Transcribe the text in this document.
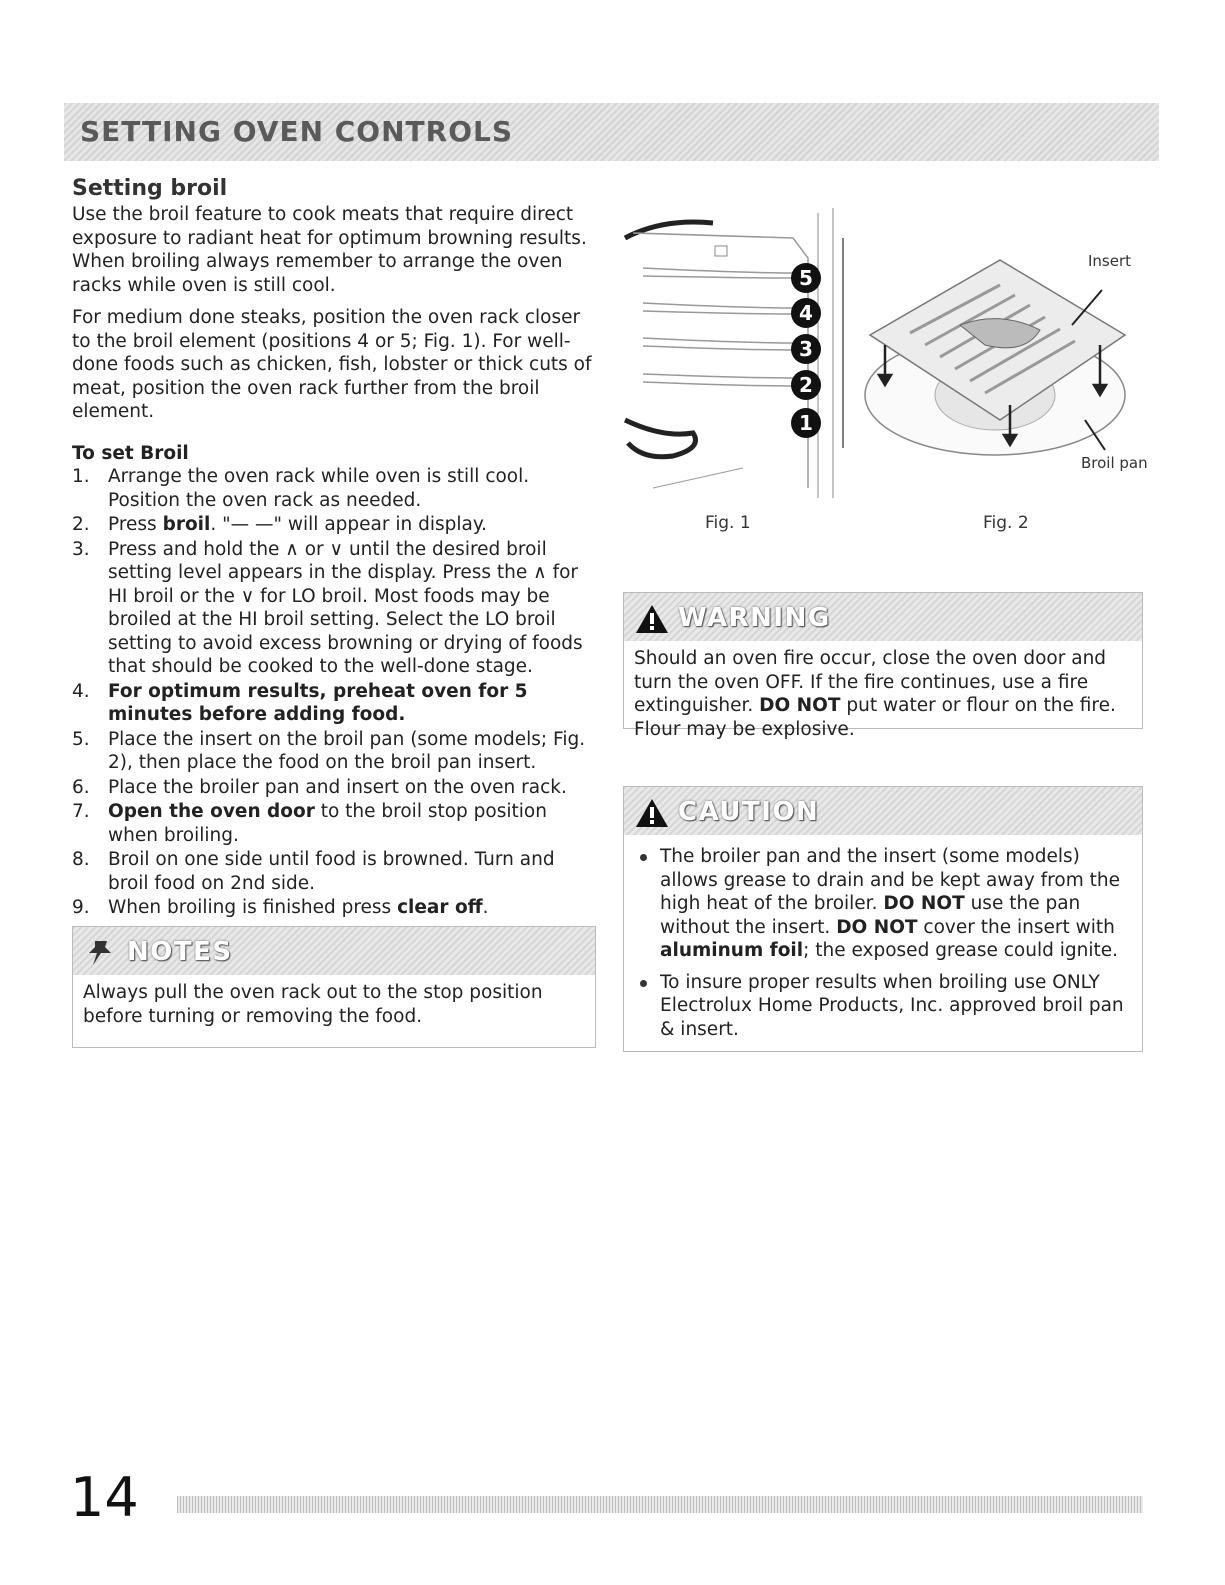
SETTING OVEN CONTROLS
Setting broil

Use the broil feature to cook meats that require direct exposure to radiant heat for optimum browning results. When broiling always remember to arrange the oven racks while oven is still cool.

For medium done steaks, position the oven rack closer to the broil element (positions 4 or 5; Fig. 1). For well-done foods such as chicken, fish, lobster or thick cuts of meat, position the oven rack further from the broil element.

To set Broil
1. Arrange the oven rack while oven is still cool. Position the oven rack as needed.
2. Press broil. "— —" will appear in display.
3. Press and hold the ∧ or ∨ until the desired broil setting level appears in the display. Press the ∧ for HI broil or the ∨ for LO broil. Most foods may be broiled at the HI broil setting. Select the LO broil setting to avoid excess browning or drying of foods that should be cooked to the well-done stage.
4. For optimum results, preheat oven for 5 minutes before adding food.
5. Place the insert on the broil pan (some models; Fig. 2), then place the food on the broil pan insert.
6. Place the broiler pan and insert on the oven rack.
7. Open the oven door to the broil stop position when broiling.
8. Broil on one side until food is browned. Turn and broil food on 2nd side.
9. When broiling is finished press clear off.
NOTES
Always pull the oven rack out to the stop position before turning or removing the food.
5
4
3
2
1
Fig. 1
Insert
Broil pan
Fig. 2
WARNING
Should an oven fire occur, close the oven door and turn the oven OFF. If the fire continues, use a fire extinguisher. DO NOT put water or flour on the fire. Flour may be explosive.
CAUTION
The broiler pan and the insert (some models) allows grease to drain and be kept away from the high heat of the broiler. DO NOT use the pan without the insert. DO NOT cover the insert with aluminum foil; the exposed grease could ignite.
To insure proper results when broiling use ONLY Electrolux Home Products, Inc. approved broil pan & insert.
14
